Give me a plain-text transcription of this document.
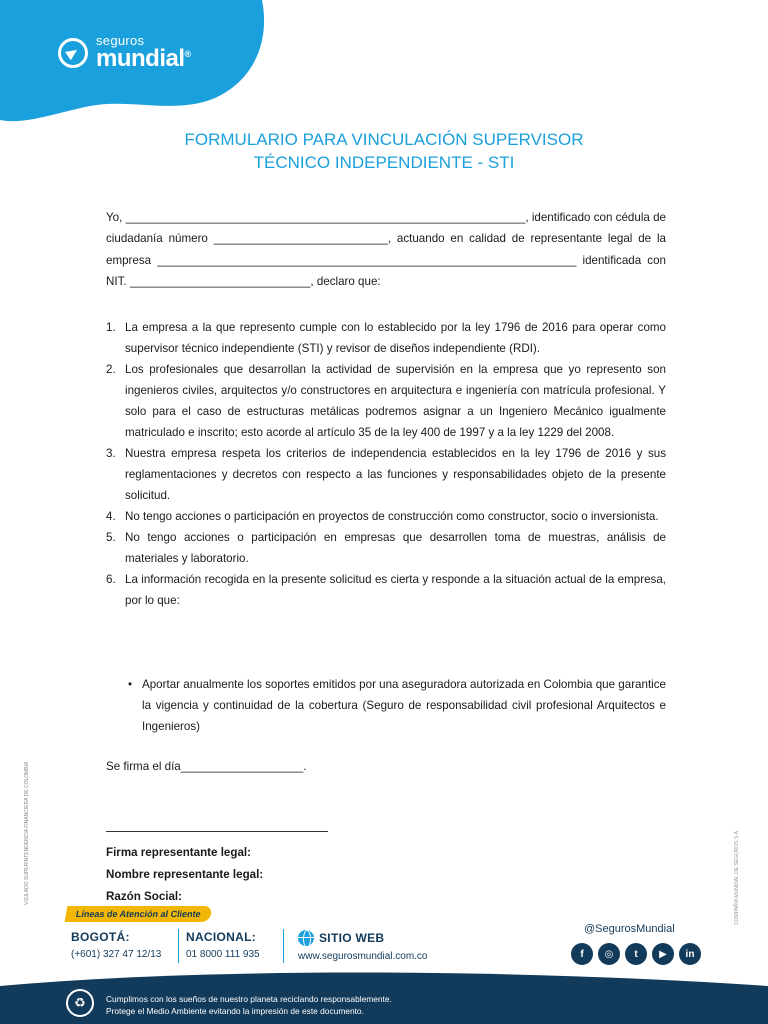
seguros
mundial®
FORMULARIO PARA VINCULACIÓN SUPERVISOR
TÉCNICO INDEPENDIENTE - STI

Yo, ______________________________________________________________, identificado con cédula de ciudadanía número ___________________________, actuando en calidad de representante legal de la empresa _________________________________________________________________ identificada con NIT. ____________________________, declaro que:

1. La empresa a la que represento cumple con lo establecido por la ley 1796 de 2016 para operar como supervisor técnico independiente (STI) y revisor de diseños independiente (RDI).
2. Los profesionales que desarrollan la actividad de supervisión en la empresa que yo represento son ingenieros civiles, arquitectos y/o constructores en arquitectura e ingeniería con matrícula profesional. Y solo para el caso de estructuras metálicas podremos asignar a un Ingeniero Mecánico igualmente matriculado e inscrito; esto acorde al artículo 35 de la ley 400 de 1997 y a la ley 1229 del 2008.
3. Nuestra empresa respeta los criterios de independencia establecidos en la ley 1796 de 2016 y sus reglamentaciones y decretos con respecto a las funciones y responsabilidades objeto de la presente solicitud.
4. No tengo acciones o participación en proyectos de construcción como constructor, socio o inversionista.
5. No tengo acciones o participación en empresas que desarrollen toma de muestras, análisis de materiales y laboratorio.
6. La información recogida en la presente solicitud es cierta y responde a la situación actual de la empresa, por lo que:
• Aportar anualmente los soportes emitidos por una aseguradora autorizada en Colombia que garantice la vigencia y continuidad de la cobertura (Seguro de responsabilidad civil profesional Arquitectos e Ingenieros)
Se firma el día___________________.
Firma representante legal:
Nombre representante legal:
Razón Social:
VIGILADO SUPERINTENDENCIA FINANCIERA DE COLOMBIA	COMPAÑÍA MUNDIAL DE SEGUROS S.A.
Líneas de Atención al Cliente
BOGOTÁ:
(+601) 327 47 12/13
NACIONAL:
01 8000 111 935
SITIO WEB
www.segurosmundial.com.co
@SegurosMundial
f	◎	t	▶	in
♻	Cumplimos con los sueños de nuestro planeta reciclando responsablemente.
Protege el Medio Ambiente evitando la impresión de este documento.
